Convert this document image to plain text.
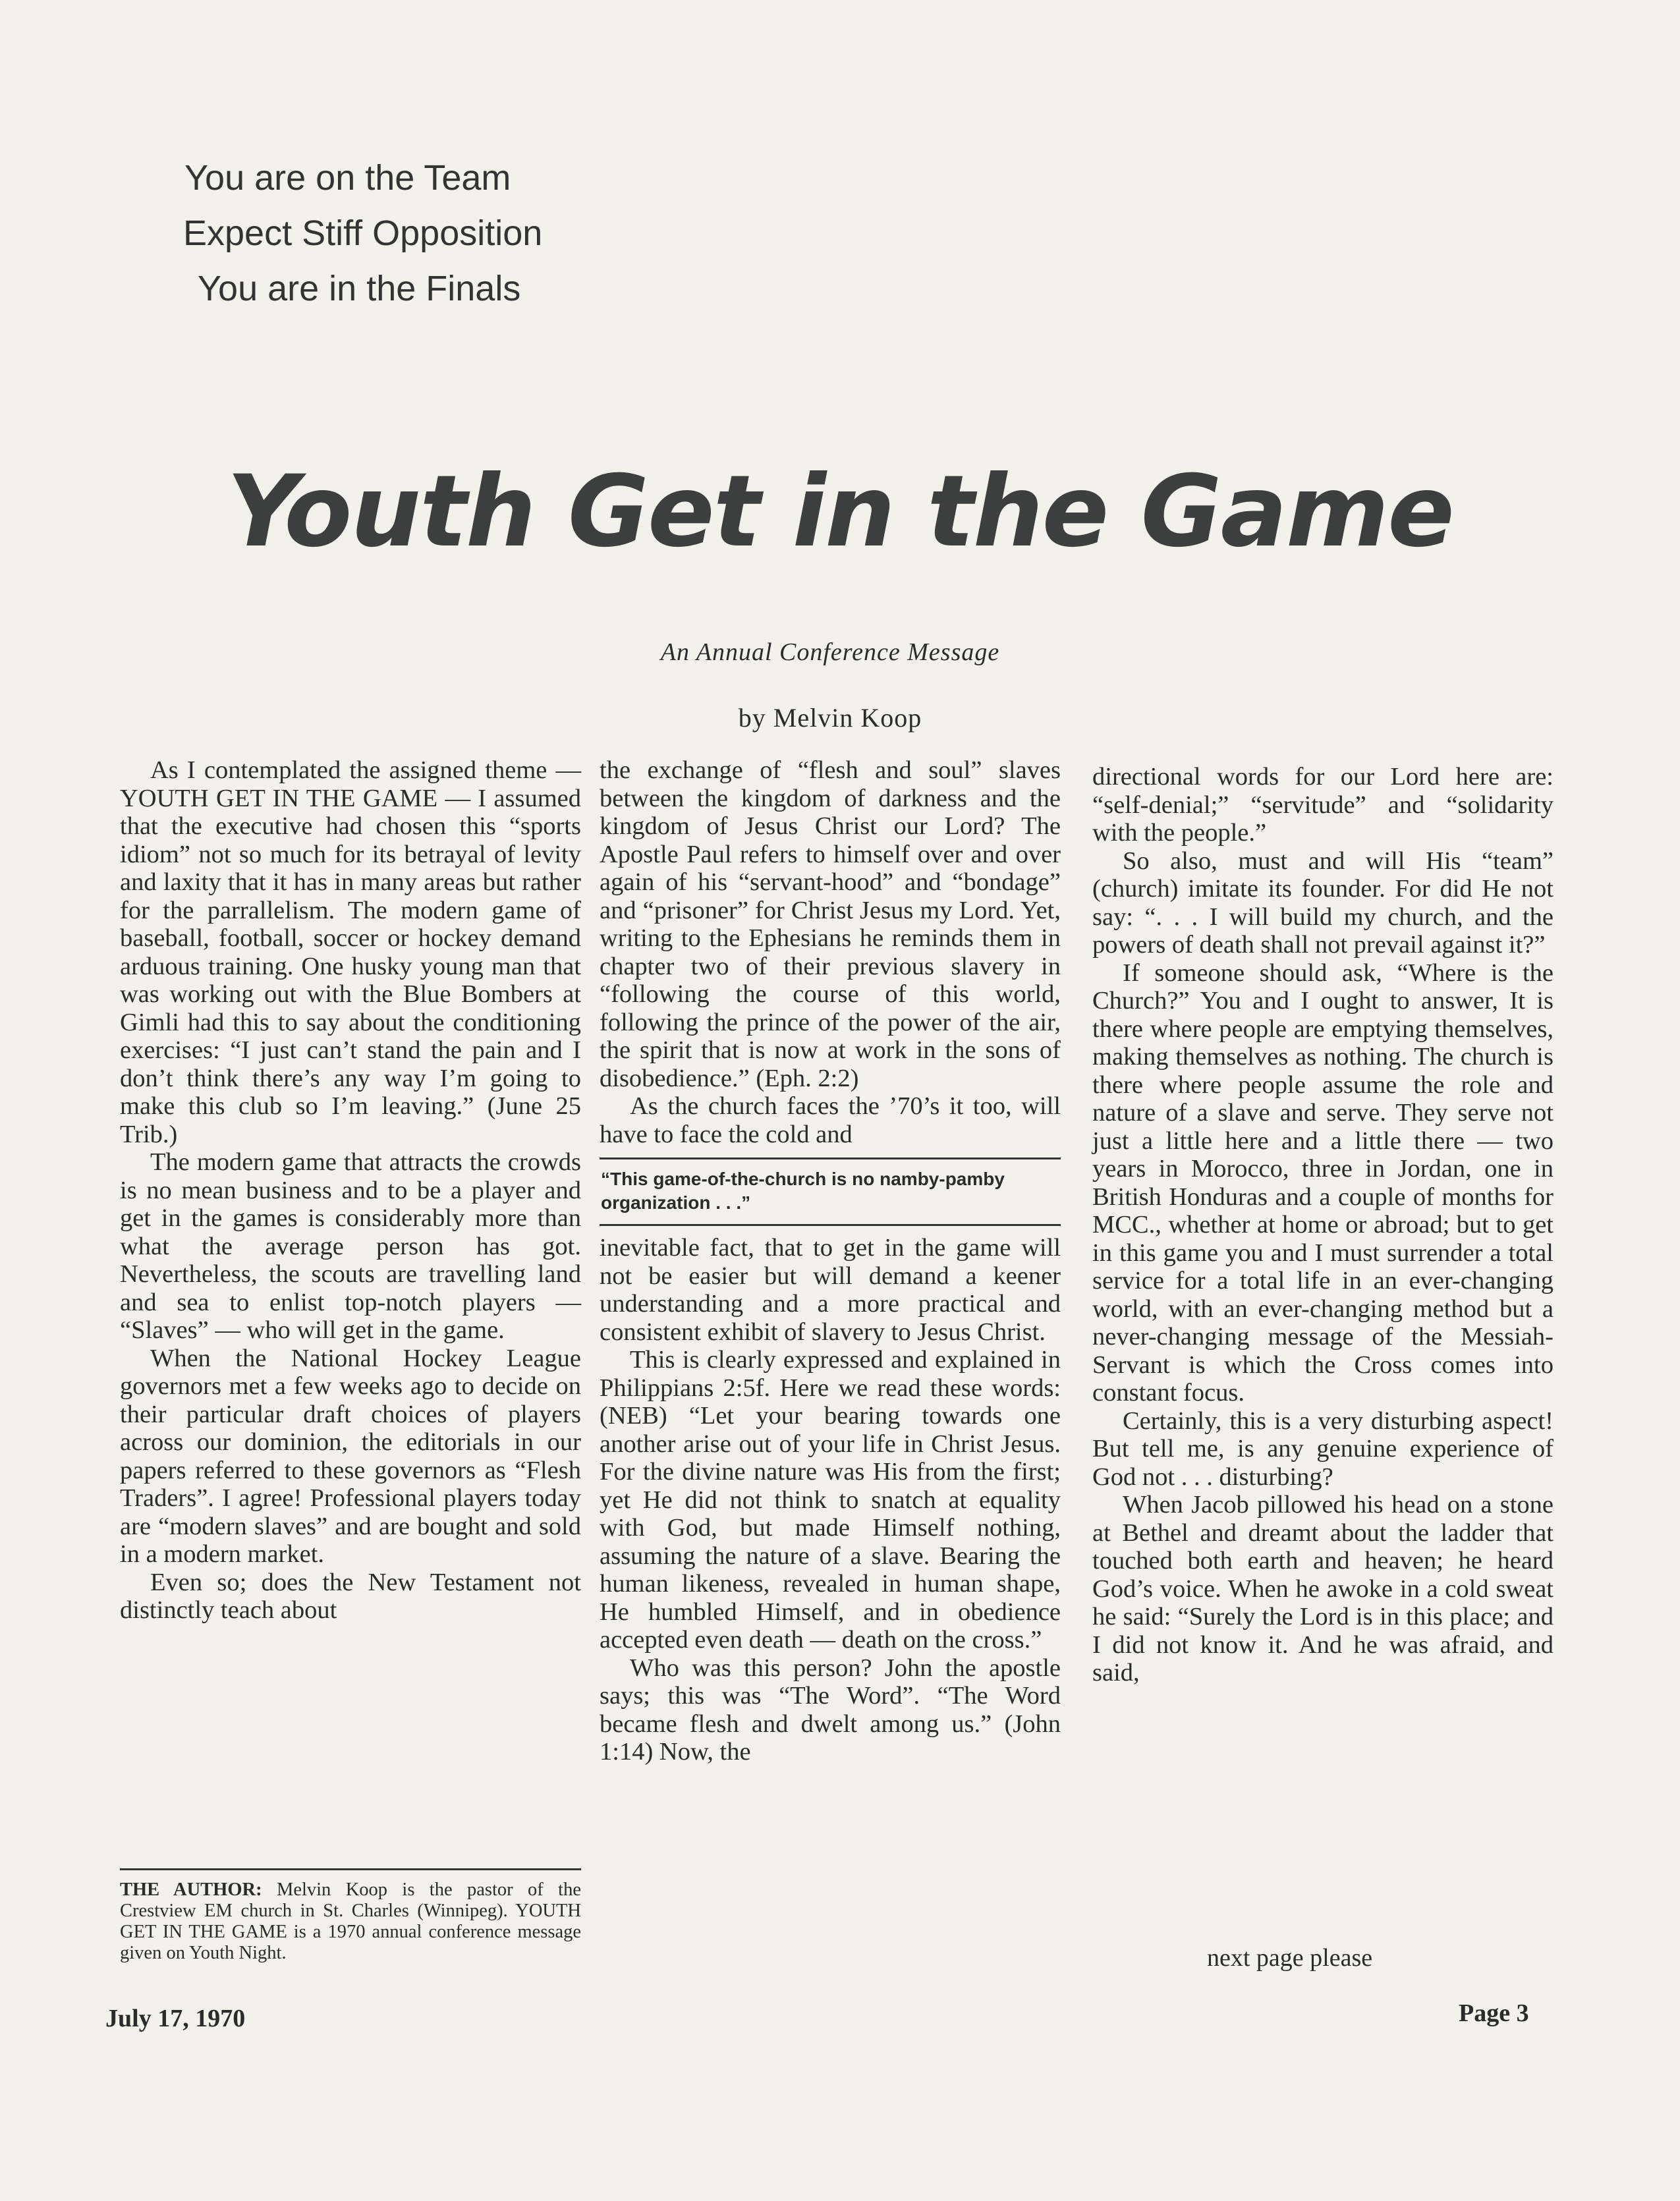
You are on the Team
Expect Stiff Opposition
You are in the Finals
Youth Get in the Game
An Annual Conference Message
by Melvin Koop

As I contemplated the assigned theme — YOUTH GET IN THE GAME — I assumed that the executive had chosen this “sports idiom” not so much for its betrayal of levity and laxity that it has in many areas but rather for the parrallelism. The modern game of baseball, football, soccer or hockey demand arduous training. One husky young man that was working out with the Blue Bombers at Gimli had this to say about the conditioning exercises: “I just can’t stand the pain and I don’t think there’s any way I’m going to make this club so I’m leaving.” (June 25 Trib.)

The modern game that attracts the crowds is no mean business and to be a player and get in the games is considerably more than what the average person has got. Nevertheless, the scouts are travelling land and sea to enlist top-notch players — “Slaves” — who will get in the game.

When the National Hockey League governors met a few weeks ago to decide on their particular draft choices of players across our dominion, the editorials in our papers referred to these governors as “Flesh Traders”. I agree! Professional players today are “modern slaves” and are bought and sold in a modern market.

Even so; does the New Testament not distinctly teach about

THE AUTHOR: Melvin Koop is the pastor of the Crestview EM church in St. Charles (Winnipeg). YOUTH GET IN THE GAME is a 1970 annual conference message given on Youth Night.

the exchange of “flesh and soul” slaves between the kingdom of darkness and the kingdom of Jesus Christ our Lord? The Apostle Paul refers to himself over and over again of his “servant-hood” and “bondage” and “prisoner” for Christ Jesus my Lord. Yet, writing to the Ephesians he reminds them in chapter two of their previous slavery in “following the course of this world, following the prince of the power of the air, the spirit that is now at work in the sons of disobedience.” (Eph. 2:2)

As the church faces the ’70’s it too, will have to face the cold and

“This game-of-the-church is no namby-pamby organization . . .”

inevitable fact, that to get in the game will not be easier but will demand a keener understanding and a more practical and consistent exhibit of slavery to Jesus Christ.

This is clearly expressed and explained in Philippians 2:5f. Here we read these words: (NEB) “Let your bearing towards one another arise out of your life in Christ Jesus. For the divine nature was His from the first; yet He did not think to snatch at equality with God, but made Himself nothing, assuming the nature of a slave. Bearing the human likeness, revealed in human shape, He humbled Himself, and in obedience accepted even death — death on the cross.”

Who was this person? John the apostle says; this was “The Word”. “The Word became flesh and dwelt among us.” (John 1:14) Now, the

directional words for our Lord here are: “self-denial;” “servitude” and “solidarity with the people.”

So also, must and will His “team” (church) imitate its founder. For did He not say: “. . . I will build my church, and the powers of death shall not prevail against it?”

If someone should ask, “Where is the Church?” You and I ought to answer, It is there where people are emptying themselves, making themselves as nothing. The church is there where people assume the role and nature of a slave and serve. They serve not just a little here and a little there — two years in Morocco, three in Jordan, one in British Honduras and a couple of months for MCC., whether at home or abroad; but to get in this game you and I must surrender a total service for a total life in an ever-changing world, with an ever-changing method but a never-changing message of the Messiah-Servant is which the Cross comes into constant focus.

Certainly, this is a very disturbing aspect! But tell me, is any genuine experience of God not . . . disturbing?

When Jacob pillowed his head on a stone at Bethel and dreamt about the ladder that touched both earth and heaven; he heard God’s voice. When he awoke in a cold sweat he said: “Surely the Lord is in this place; and I did not know it. And he was afraid, and said,

next page please
July 17, 1970	Page 3
